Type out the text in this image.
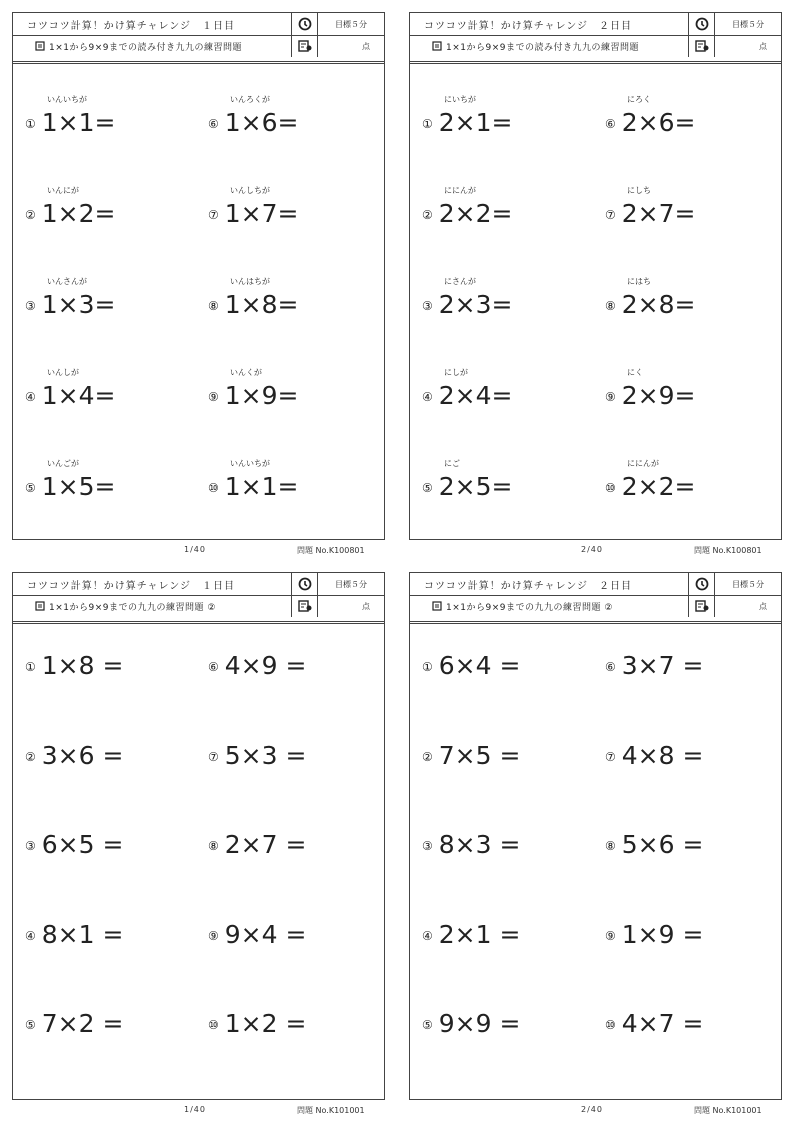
コツコツ計算！かけ算チャレンジ　１日目	目標５分
1×1から9×9までの読み付き九九の練習問題	点
いんいちが
① 1×1=
いんにが
② 1×2=
いんさんが
③ 1×3=
いんしが
④ 1×4=
いんごが
⑤ 1×5=
いんろくが
⑥ 1×6=
いんしちが
⑦ 1×7=
いんはちが
⑧ 1×8=
いんくが
⑨ 1×9=
いんいちが
⑩ 1×1=
1/40	問題 No.K100801
コツコツ計算！かけ算チャレンジ　２日目	目標５分
1×1から9×9までの読み付き九九の練習問題	点
にいちが
① 2×1=
ににんが
② 2×2=
にさんが
③ 2×3=
にしが
④ 2×4=
にご
⑤ 2×5=
にろく
⑥ 2×6=
にしち
⑦ 2×7=
にはち
⑧ 2×8=
にく
⑨ 2×9=
ににんが
⑩ 2×2=
2/40	問題 No.K100801
コツコツ計算！かけ算チャレンジ　１日目	目標５分
1×1から9×9までの九九の練習問題 ②	点
① 1×8 =
② 3×6 =
③ 6×5 =
④ 8×1 =
⑤ 7×2 =
⑥ 4×9 =
⑦ 5×3 =
⑧ 2×7 =
⑨ 9×4 =
⑩ 1×2 =
1/40	問題 No.K101001
コツコツ計算！かけ算チャレンジ　２日目	目標５分
1×1から9×9までの九九の練習問題 ②	点
① 6×4 =
② 7×5 =
③ 8×3 =
④ 2×1 =
⑤ 9×9 =
⑥ 3×7 =
⑦ 4×8 =
⑧ 5×6 =
⑨ 1×9 =
⑩ 4×7 =
2/40	問題 No.K101001
